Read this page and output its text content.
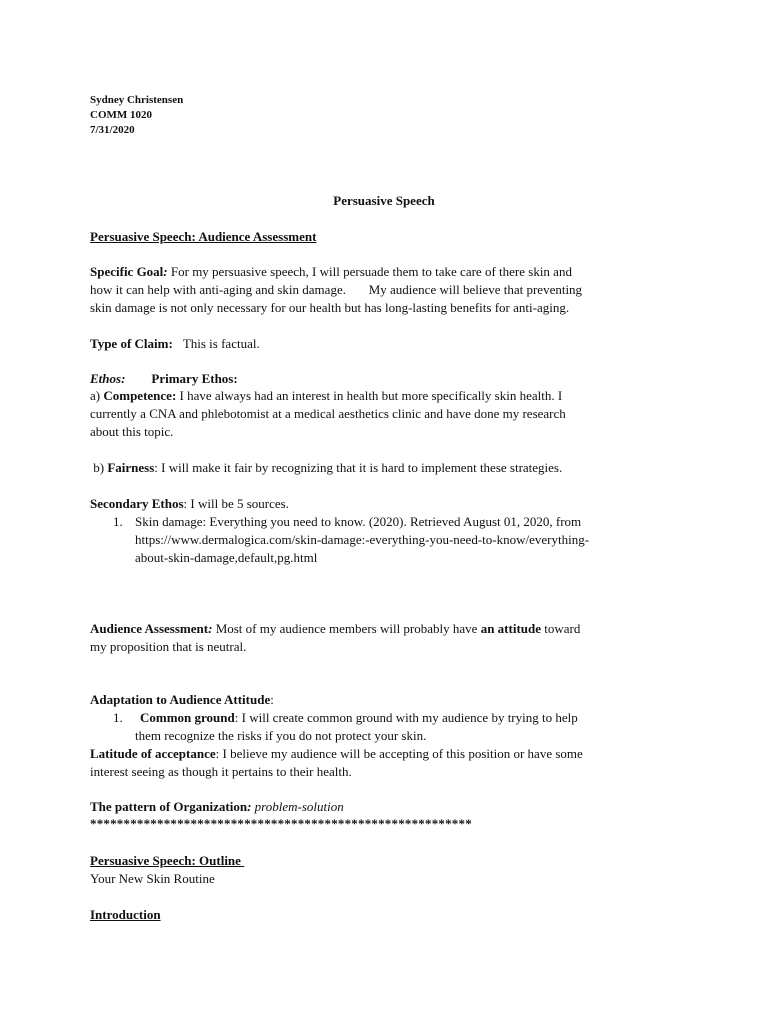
Sydney Christensen
COMM 1020
7/31/2020
Persuasive Speech
Persuasive Speech: Audience Assessment
Specific Goal: For my persuasive speech, I will persuade them to take care of there skin and
how it can help with anti-aging and skin damage.       My audience will believe that preventing
skin damage is not only necessary for our health but has long-lasting benefits for anti-aging.
Type of Claim: This is factual.
Ethos: Primary Ethos:
a) Competence: I have always had an interest in health but more specifically skin health. I
currently a CNA and phlebotomist at a medical aesthetics clinic and have done my research
about this topic.
b) Fairness: I will make it fair by recognizing that it is hard to implement these strategies.
Secondary Ethos: I will be 5 sources.
1. Skin damage: Everything you need to know. (2020). Retrieved August 01, 2020, from
https://www.dermalogica.com/skin-damage:-everything-you-need-to-know/everything-
about-skin-damage,default,pg.html
Audience Assessment: Most of my audience members will probably have an attitude toward
my proposition that is neutral.
Adaptation to Audience Attitude:
1. Common ground: I will create common ground with my audience by trying to help
them recognize the risks if you do not protect your skin.
Latitude of acceptance: I believe my audience will be accepting of this position or have some
interest seeing as though it pertains to their health.
The pattern of Organization: problem-solution
*********************************************************
Persuasive Speech: Outline
Your New Skin Routine
Introduction
